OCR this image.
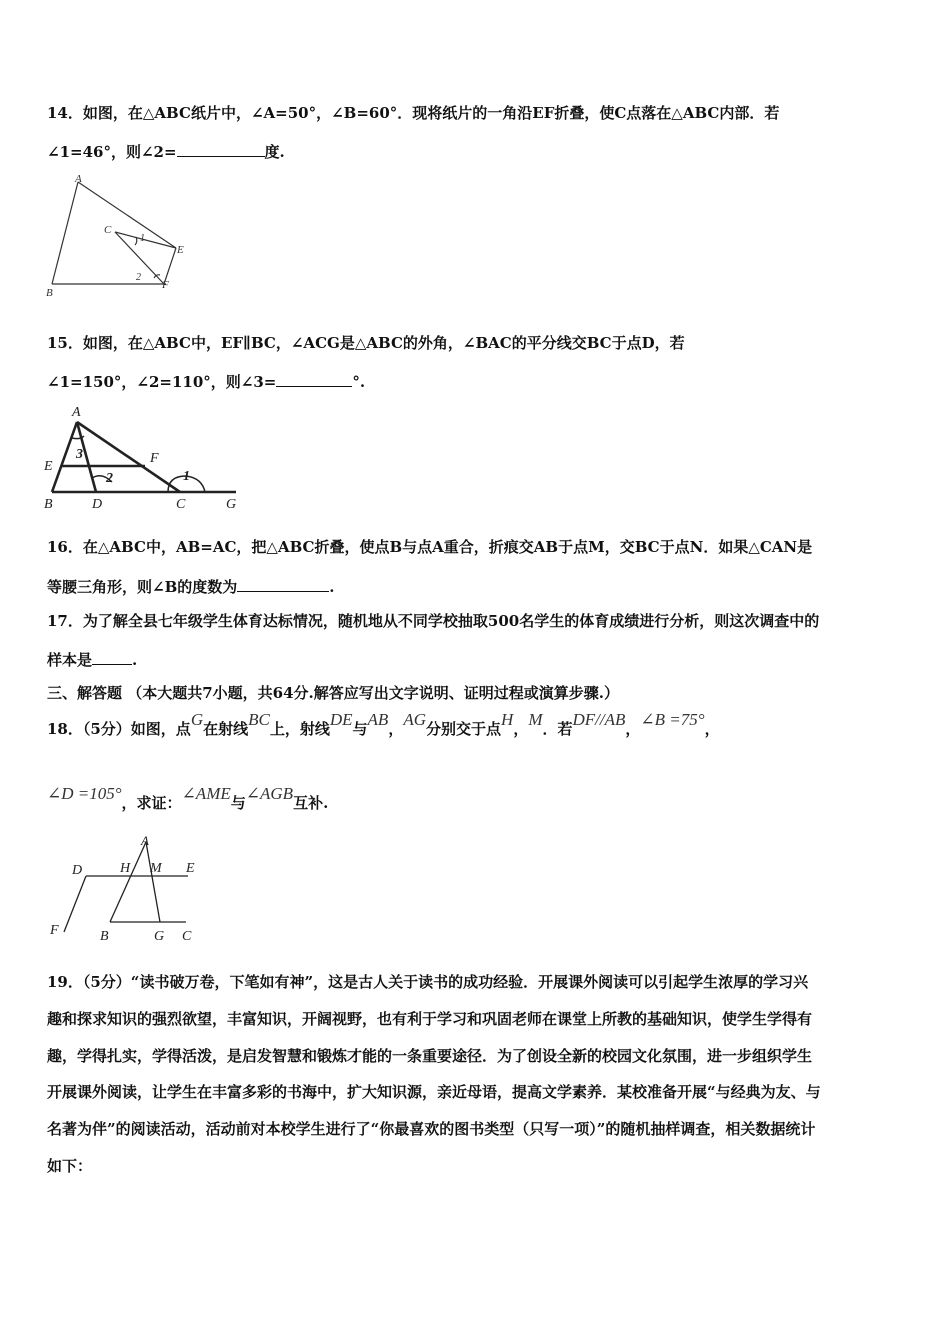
14．如图，在△ABC纸片中，∠A=50°，∠B=60°．现将纸片的一角沿EF折叠，使C点落在△ABC内部．若
∠1=46°，则∠2=	度.
A
B
C
E
F
1
2
15．如图，在△ABC中，EF∥BC，∠ACG是△ABC的外角，∠BAC的平分线交BC于点D，若
∠1=150°，∠2=110°，则∠3=	°.
A
E
F
B	D	C	G
3
2	1
16．在△ABC中，AB=AC，把△ABC折叠，使点B与点A重合，折痕交AB于点M，交BC于点N．如果△CAN是
等腰三角形，则∠B的度数为	.
17．为了解全县七年级学生体育达标情况，随机地从不同学校抽取500名学生的体育成绩进行分析，则这次调查中的
样本是	.
三、解答题 （本大题共7小题，共64分.解答应写出文字说明、证明过程或演算步骤.）
18．（5分）如图，点G在射线BC上，射线DE与AB，AG分别交于点H，M．若DF//AB，∠B =75°，
∠D =105°，求证：∠AME与∠AGB互补.
A
D	H M E
F	B	G C
19．（5分）“读书破万卷，下笔如有神”，这是古人关于读书的成功经验．开展课外阅读可以引起学生浓厚的学习兴
趣和探求知识的强烈欲望，丰富知识，开阔视野，也有利于学习和巩固老师在课堂上所教的基础知识，使学生学得有
趣，学得扎实，学得活泼，是启发智慧和锻炼才能的一条重要途径．为了创设全新的校园文化氛围，进一步组织学生
开展课外阅读，让学生在丰富多彩的书海中，扩大知识源，亲近母语，提高文学素养．某校准备开展“与经典为友、与
名著为伴”的阅读活动，活动前对本校学生进行了“你最喜欢的图书类型（只写一项）”的随机抽样调查，相关数据统计
如下：
